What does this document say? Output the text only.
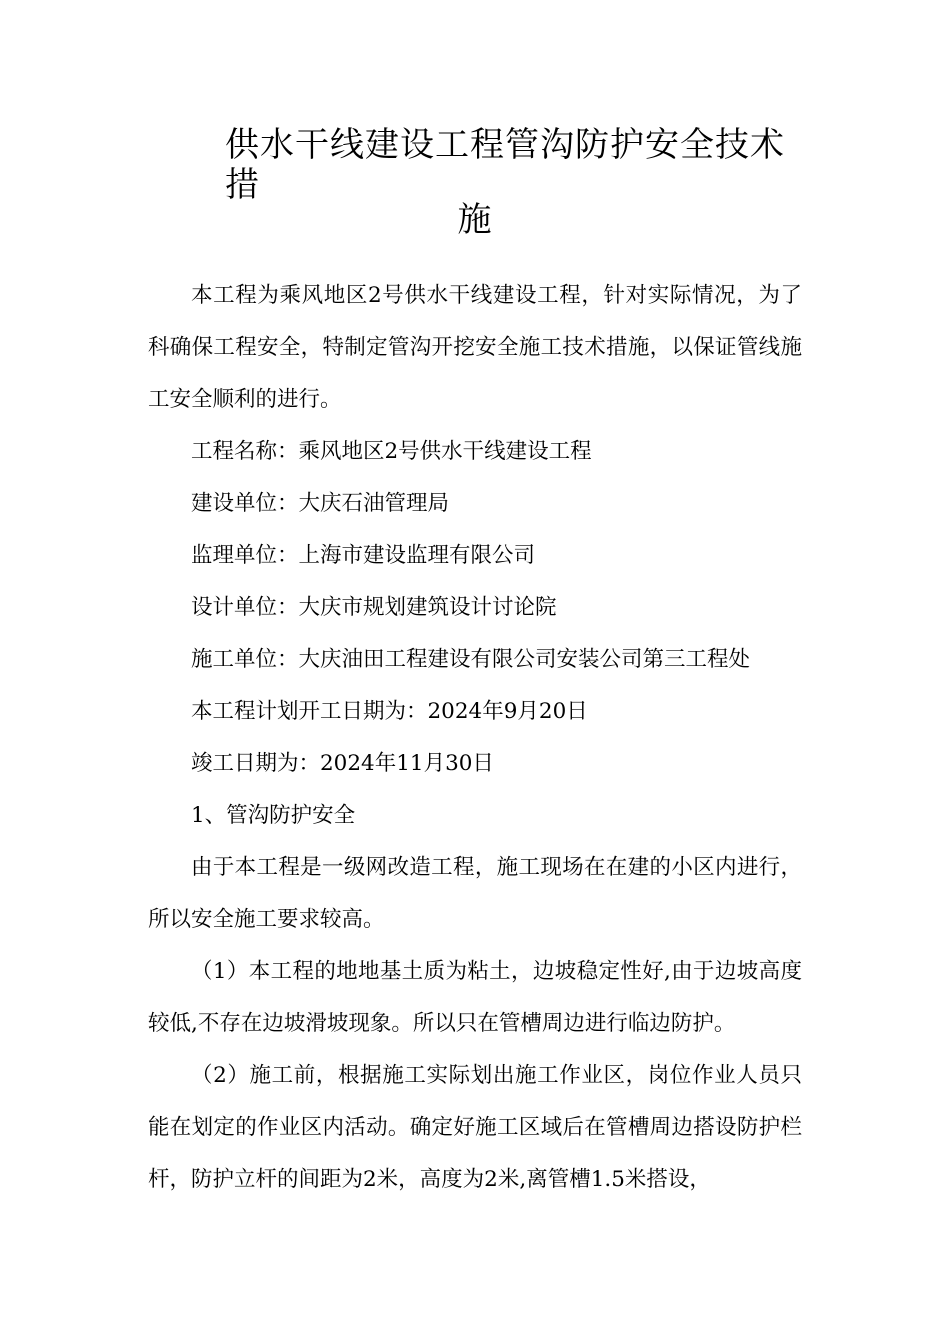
供水干线建设工程管沟防护安全技术措
施

本工程为乘风地区2号供水干线建设工程，针对实际情况，为了科确保工程安全，特制定管沟开挖安全施工技术措施，以保证管线施工安全顺利的进行。

工程名称：乘风地区2号供水干线建设工程

建设单位：大庆石油管理局

监理单位：上海市建设监理有限公司

设计单位：大庆市规划建筑设计讨论院

施工单位：大庆油田工程建设有限公司安装公司第三工程处

本工程计划开工日期为：2024年9月20日

竣工日期为：2024年11月30日

1、管沟防护安全

由于本工程是一级网改造工程，施工现场在在建的小区内进行，所以安全施工要求较高。

（1）本工程的地地基土质为粘土，边坡稳定性好,由于边坡高度较低,不存在边坡滑坡现象。所以只在管槽周边进行临边防护。

（2）施工前，根据施工实际划出施工作业区，岗位作业人员只能在划定的作业区内活动。确定好施工区域后在管槽周边搭设防护栏杆，防护立杆的间距为2米，高度为2米,离管槽1.5米搭设，
